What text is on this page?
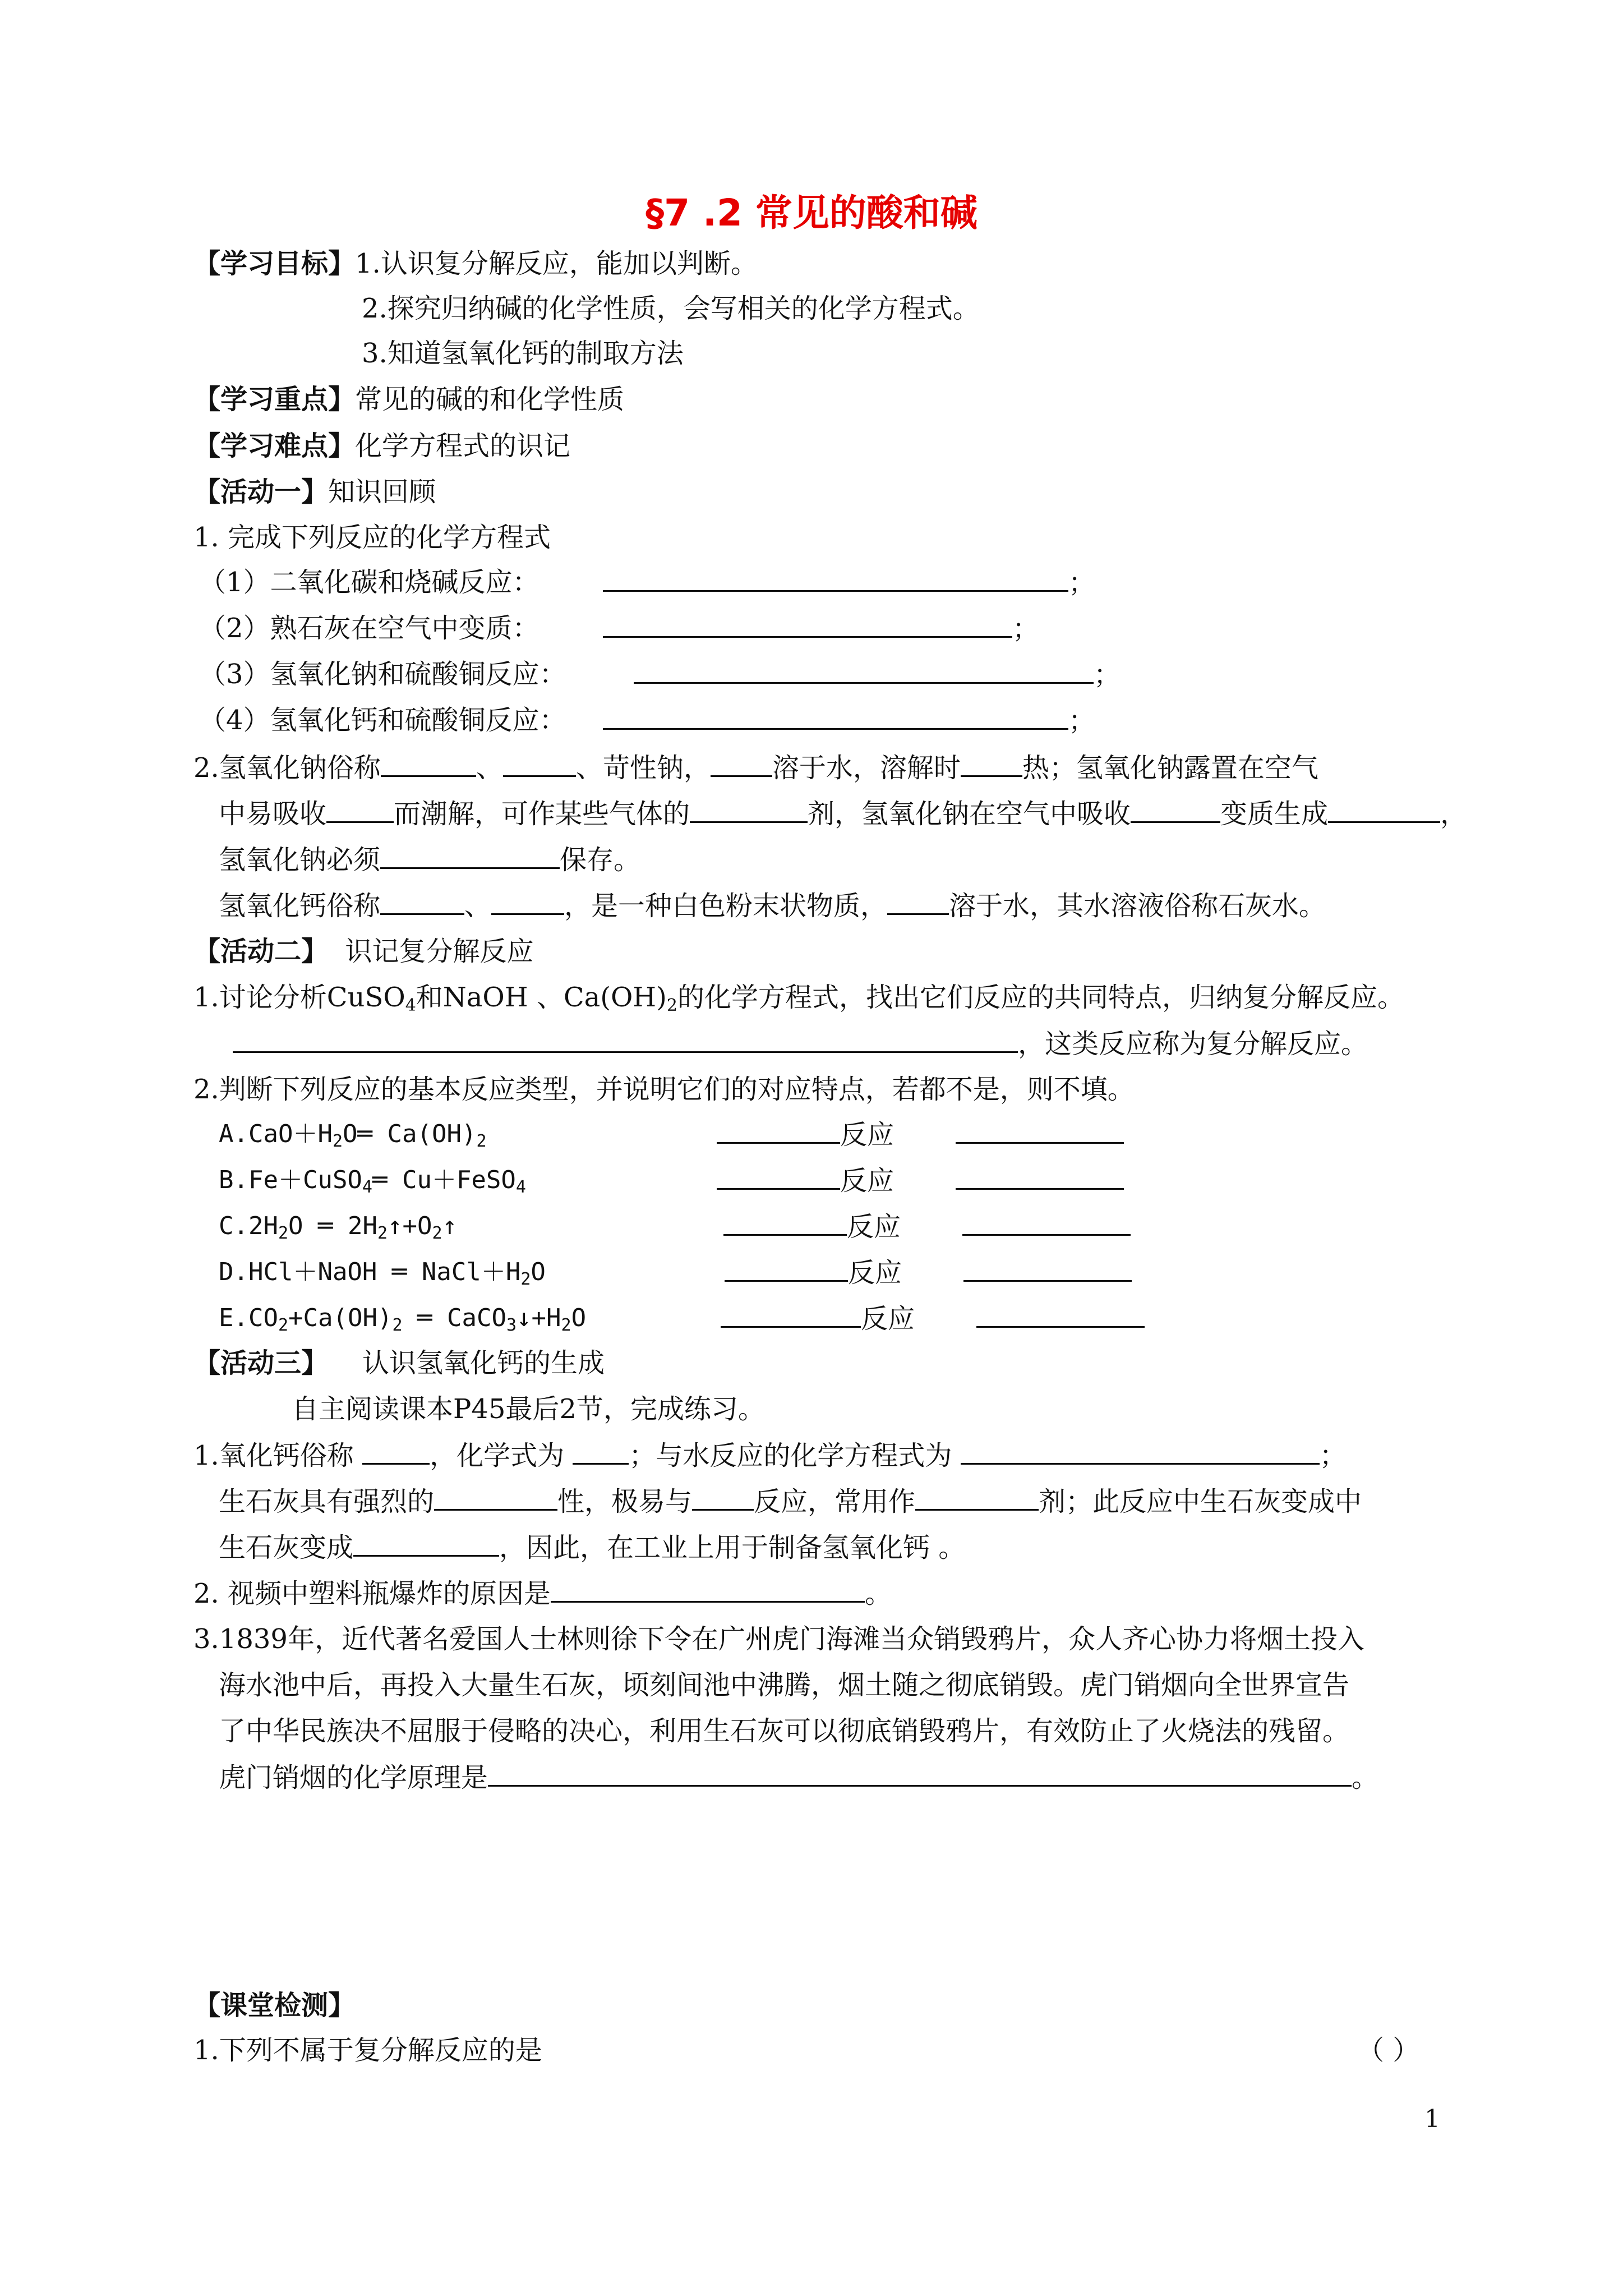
§7 .2 常见的酸和碱
【学习目标】1.认识复分解反应，能加以判断。
2.探究归纳碱的化学性质，会写相关的化学方程式。
3.知道氢氧化钙的制取方法
【学习重点】常见的碱的和化学性质
【学习难点】化学方程式的识记
【活动一】知识回顾
1. 完成下列反应的化学方程式
（1）二氧化碳和烧碱反应：	；
（2）熟石灰在空气中变质：	；
（3）氢氧化钠和硫酸铜反应：	；
（4）氢氧化钙和硫酸铜反应：	；
2.氢氧化钠俗称	、	、苛性钠， 溶于水，溶解时 热；氢氧化钠露置在空气
中易吸收	而潮解，可作某些气体的	剂，氢氧化钠在空气中吸收	变质生成	，
氢氧化钠必须	保存。
氢氧化钙俗称	、	，是一种白色粉末状物质， 溶于水，其水溶液俗称石灰水。
【活动二】 识记复分解反应
1.讨论分析CuSO$_4$和NaOH 、$Ca(OH)_2$的化学方程式，找出它们反应的共同特点，归纳复分解反应。
，这类反应称为复分解反应。
2.判断下列反应的基本反应类型，并说明它们的对应特点，若都不是，则不填。
$A.CaO+H_2O═$ $Ca(OH)_2$	反应
B.Fe＋CuSO$_4$═ Cu＋FeSO$_4$	反应
$C.2H_2O$ ═ $2H_2↑+O_2↑$	反应
D.HCl＋NaOH ═ $NaCl+H_2O$	反应
$E.CO_2+Ca(OH)_2$ ═ $CaCO_3↓+H_2O$	反应
【活动三】 认识氢氧化钙的生成
自主阅读课本P45最后2节，完成练习。
1.氧化钙俗称	，化学式为 ；与水反应的化学方程式为	；
生石灰具有强烈的	性，极易与 反应，常用作	剂；此反应中生石灰变成中
生石灰变成	，因此，在工业上用于制备氢氧化钙 。
2. 视频中塑料瓶爆炸的原因是	。
3.1839年，近代著名爱国人士林则徐下令在广州虎门海滩当众销毁鸦片，众人齐心协力将烟土投入
海水池中后，再投入大量生石灰，顷刻间池中沸腾，烟土随之彻底销毁。虎门销烟向全世界宣告
了中华民族决不屈服于侵略的决心，利用生石灰可以彻底销毁鸦片，有效防止了火烧法的残留。
虎门销烟的化学原理是	。
【课堂检测】
1.下列不属于复分解反应的是	（ ）
1
